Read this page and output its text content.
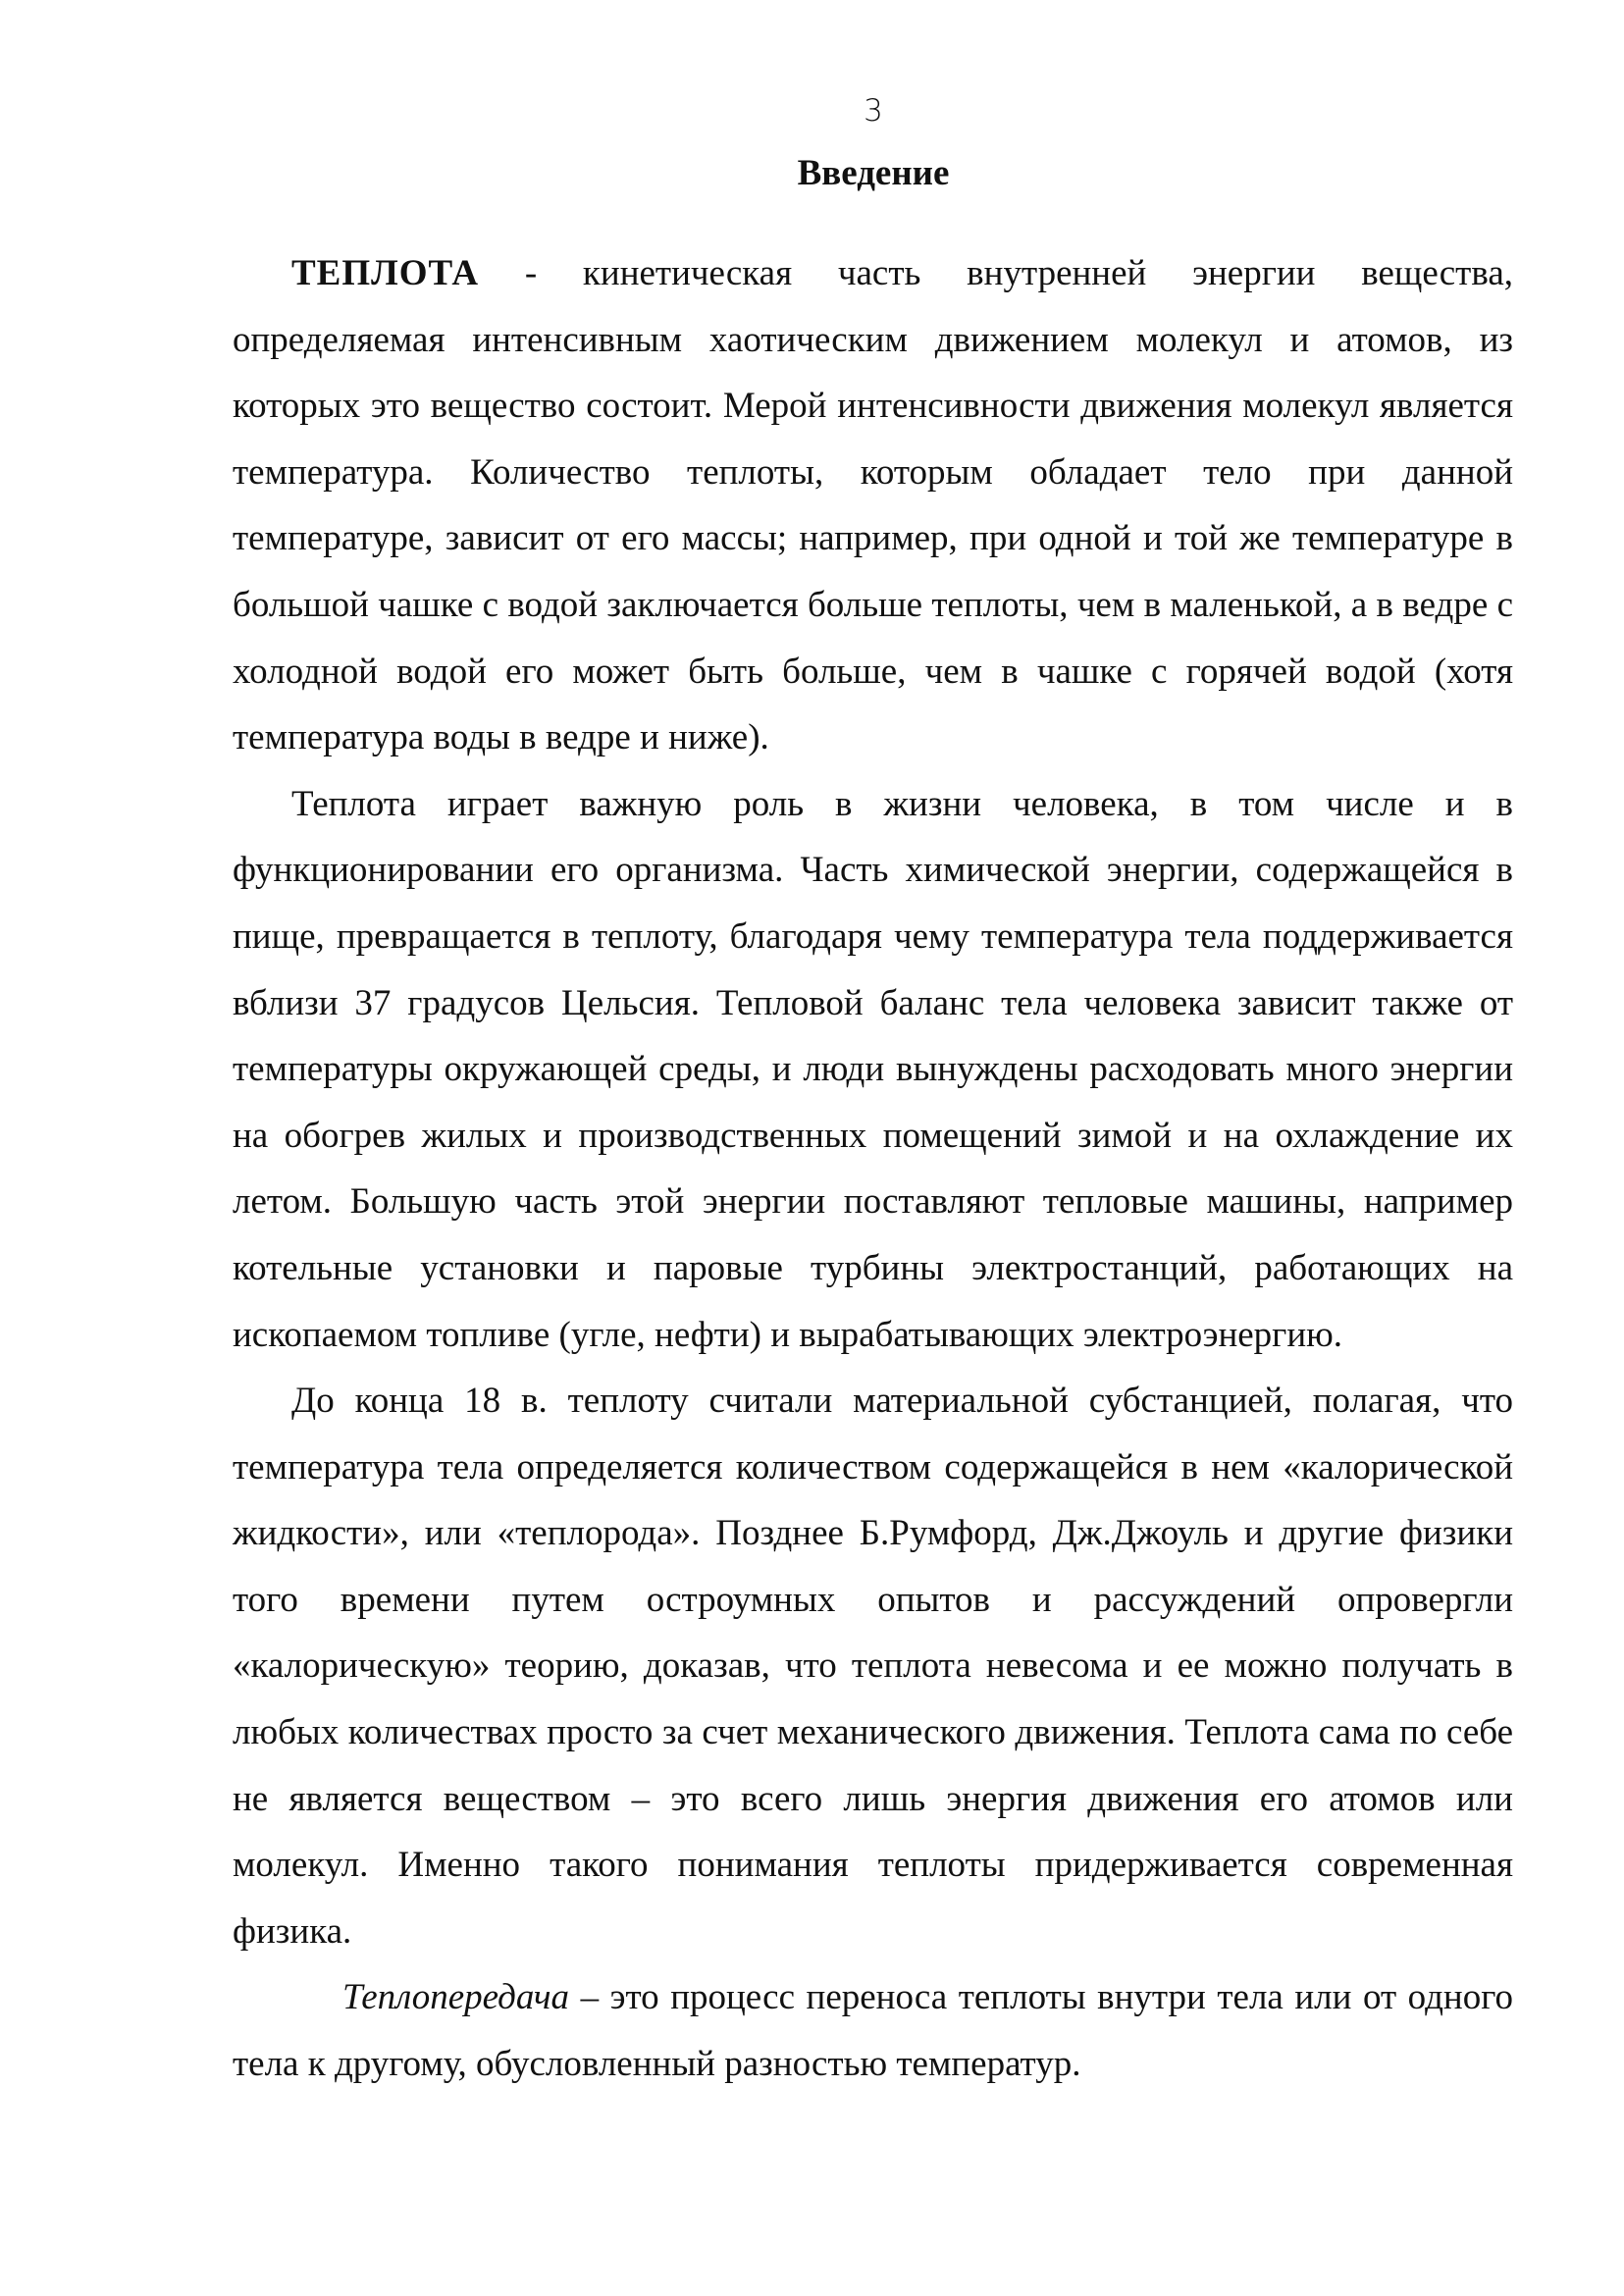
3
Введение

ТЕПЛОТА - кинетическая часть внутренней энергии вещества, определяемая интенсивным хаотическим движением молекул и атомов, из которых это вещество состоит. Мерой интенсивности движения молекул является температура. Количество теплоты, которым обладает тело при данной температуре, зависит от его массы; например, при одной и той же температуре в большой чашке с водой заключается больше теплоты, чем в маленькой, а в ведре с холодной водой его может быть больше, чем в чашке с горячей водой (хотя температура воды в ведре и ниже).

Теплота играет важную роль в жизни человека, в том числе и в функционировании его организма. Часть химической энергии, содержащейся в пище, превращается в теплоту, благодаря чему температура тела поддерживается вблизи 37 градусов Цельсия. Тепловой баланс тела человека зависит также от температуры окружающей среды, и люди вынуждены расходовать много энергии на обогрев жилых и производственных помещений зимой и на охлаждение их летом. Большую часть этой энергии поставляют тепловые машины, например котельные установки и паровые турбины электростанций, работающих на ископаемом топливе (угле, нефти) и вырабатывающих электроэнергию.

До конца 18 в. теплоту считали материальной субстанцией, полагая, что температура тела определяется количеством содержащейся в нем «калорической жидкости», или «теплорода». Позднее Б.Румфорд, Дж.Джоуль и другие физики того времени путем остроумных опытов и рассуждений опровергли «калорическую» теорию, доказав, что теплота невесома и ее можно получать в любых количествах просто за счет механического движения. Теплота сама по себе не является веществом – это всего лишь энергия движения его атомов или молекул. Именно такого понимания теплоты придерживается современная физика.

Теплопередача – это процесс переноса теплоты внутри тела или от одного тела к другому, обусловленный разностью температур.
